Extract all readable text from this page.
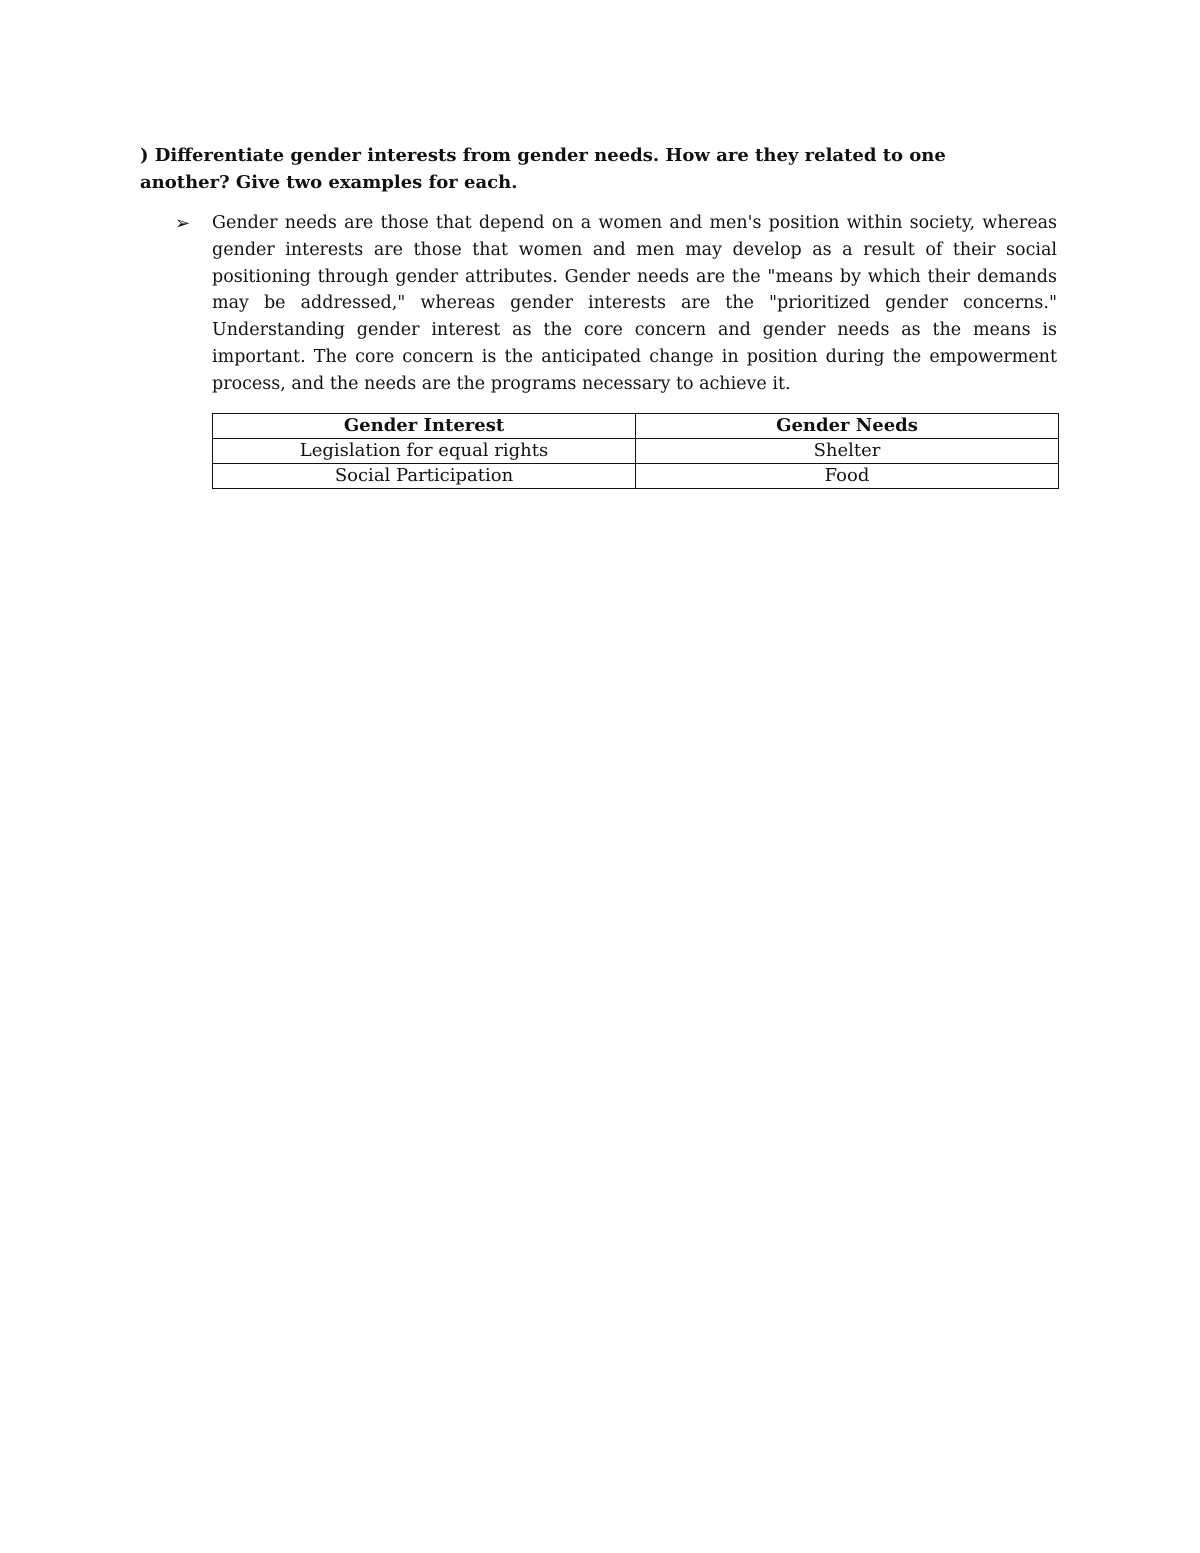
) Differentiate gender interests from gender needs. How are they related to one another? Give two examples for each.
➢ Gender needs are those that depend on a women and men's position within society, whereas gender interests are those that women and men may develop as a result of their social positioning through gender attributes. Gender needs are the "means by which their demands may be addressed," whereas gender interests are the "prioritized gender concerns." Understanding gender interest as the core concern and gender needs as the means is important. The core concern is the anticipated change in position during the empowerment process, and the needs are the programs necessary to achieve it.

Gender Interest	Gender Needs
Legislation for equal rights	Shelter
Social Participation	Food
